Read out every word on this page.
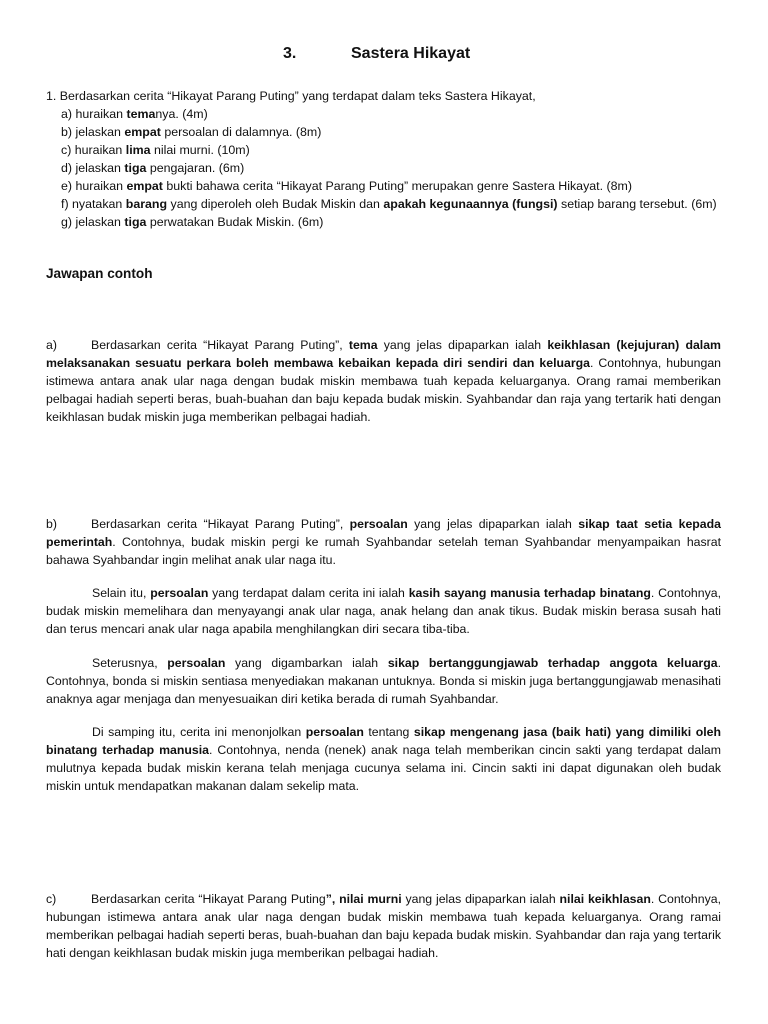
3.	Sastera Hikayat

1. Berdasarkan cerita “Hikayat Parang Puting” yang terdapat dalam teks Sastera Hikayat,

a) huraikan temanya. (4m)

b) jelaskan empat persoalan di dalamnya. (8m)

c) huraikan lima nilai murni. (10m)

d) jelaskan tiga pengajaran. (6m)

e) huraikan empat bukti bahawa cerita “Hikayat Parang Puting” merupakan genre Sastera Hikayat. (8m)

f) nyatakan barang yang diperoleh oleh Budak Miskin dan apakah kegunaannya (fungsi) setiap barang tersebut. (6m)

g) jelaskan tiga perwatakan Budak Miskin. (6m)

Jawapan contoh

a)	Berdasarkan cerita “Hikayat Parang Puting”, tema yang jelas dipaparkan ialah keikhlasan (kejujuran) dalam melaksanakan sesuatu perkara boleh membawa kebaikan kepada diri sendiri dan keluarga. Contohnya, hubungan istimewa antara anak ular naga dengan budak miskin membawa tuah kepada keluarganya. Orang ramai memberikan pelbagai hadiah seperti beras, buah-buahan dan baju kepada budak miskin. Syahbandar dan raja yang tertarik hati dengan keikhlasan budak miskin juga memberikan pelbagai hadiah.

b)	Berdasarkan cerita “Hikayat Parang Puting”, persoalan yang jelas dipaparkan ialah sikap taat setia kepada pemerintah. Contohnya, budak miskin pergi ke rumah Syahbandar setelah teman Syahbandar menyampaikan hasrat bahawa Syahbandar ingin melihat anak ular naga itu.

Selain itu, persoalan yang terdapat dalam cerita ini ialah kasih sayang manusia terhadap binatang. Contohnya, budak miskin memelihara dan menyayangi anak ular naga, anak helang dan anak tikus. Budak miskin berasa susah hati dan terus mencari anak ular naga apabila menghilangkan diri secara tiba-tiba.

Seterusnya, persoalan yang digambarkan ialah sikap bertanggungjawab terhadap anggota keluarga. Contohnya, bonda si miskin sentiasa menyediakan makanan untuknya. Bonda si miskin juga bertanggungjawab menasihati anaknya agar menjaga dan menyesuaikan diri ketika berada di rumah Syahbandar.

Di samping itu, cerita ini menonjolkan persoalan tentang sikap mengenang jasa (baik hati) yang dimiliki oleh binatang terhadap manusia. Contohnya, nenda (nenek) anak naga telah memberikan cincin sakti yang terdapat dalam mulutnya kepada budak miskin kerana telah menjaga cucunya selama ini. Cincin sakti ini dapat digunakan oleh budak miskin untuk mendapatkan makanan dalam sekelip mata.

c)	Berdasarkan cerita “Hikayat Parang Puting”, nilai murni yang jelas dipaparkan ialah nilai keikhlasan. Contohnya, hubungan istimewa antara anak ular naga dengan budak miskin membawa tuah kepada keluarganya. Orang ramai memberikan pelbagai hadiah seperti beras, buah-buahan dan baju kepada budak miskin. Syahbandar dan raja yang tertarik hati dengan keikhlasan budak miskin juga memberikan pelbagai hadiah.
